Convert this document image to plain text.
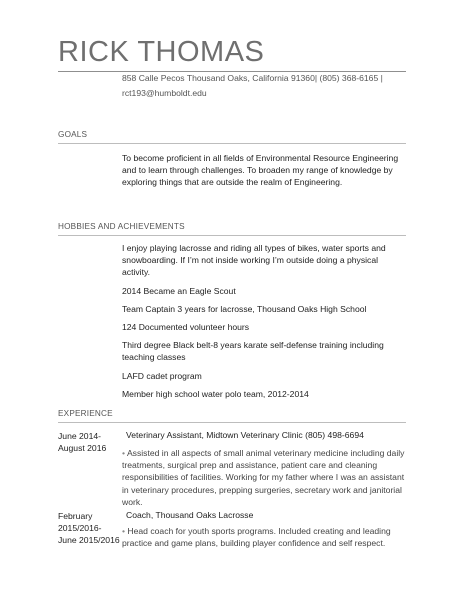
RICK THOMAS
858 Calle Pecos Thousand Oaks, California 91360| (805) 368-6165 |
rct193@humboldt.edu
GOALS
To become proficient in all fields of Environmental Resource Engineering and to learn through challenges. To broaden my range of knowledge by exploring things that are outside the realm of Engineering.
HOBBIES AND ACHIEVEMENTS
I enjoy playing lacrosse and riding all types of bikes, water sports and snowboarding. If I’m not inside working I’m outside doing a physical activity.
2014 Became an Eagle Scout
Team Captain 3 years for lacrosse, Thousand Oaks High School
124 Documented volunteer hours
Third degree Black belt-8 years karate self-defense training including teaching classes
LAFD cadet program
Member high school water polo team, 2012-2014
EXPERIENCE
June 2014-August 2016
Veterinary Assistant, Midtown Veterinary Clinic (805) 498-6694
• Assisted in all aspects of small animal veterinary medicine including daily treatments, surgical prep and assistance, patient care and cleaning responsibilities of facilities. Working for my father where I was an assistant in veterinary procedures, prepping surgeries, secretary work and janitorial work.
February 2015/2016-June 2015/2016
Coach, Thousand Oaks Lacrosse
• Head coach for youth sports programs. Included creating and leading practice and game plans, building player confidence and self respect.
